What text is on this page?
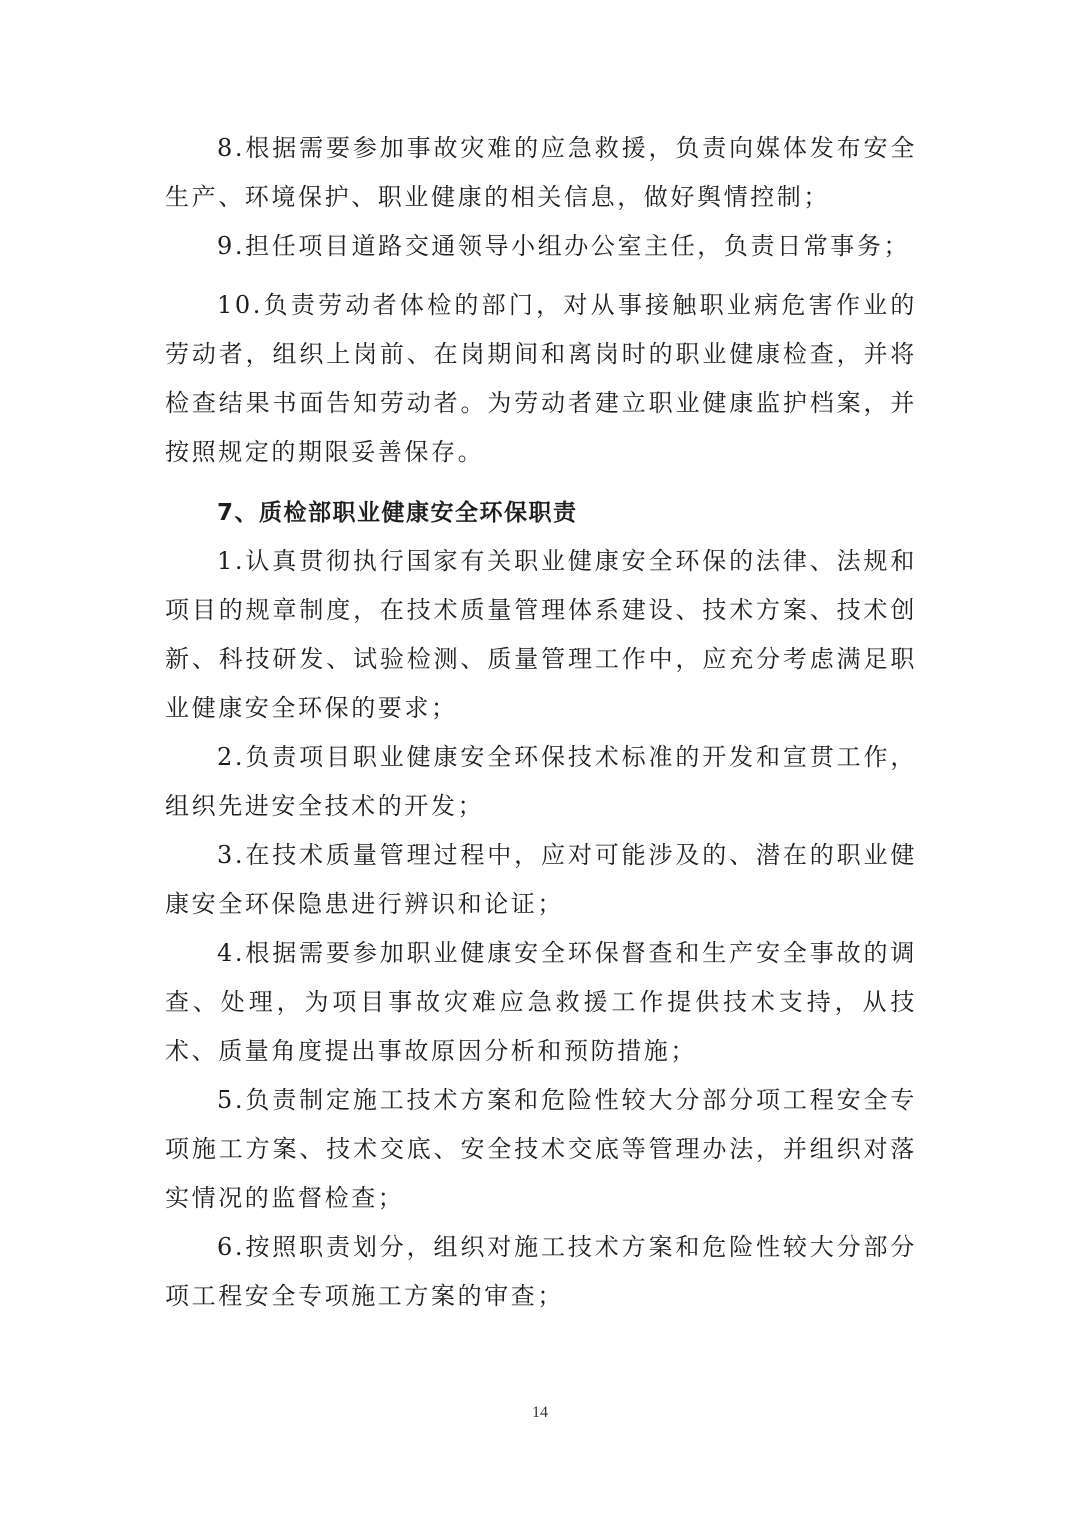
8.根据需要参加事故灾难的应急救援，负责向媒体发布安全生产、环境保护、职业健康的相关信息，做好舆情控制；

9.担任项目道路交通领导小组办公室主任，负责日常事务；

10.负责劳动者体检的部门，对从事接触职业病危害作业的劳动者，组织上岗前、在岗期间和离岗时的职业健康检查，并将检查结果书面告知劳动者。为劳动者建立职业健康监护档案，并按照规定的期限妥善保存。

7、质检部职业健康安全环保职责

1.认真贯彻执行国家有关职业健康安全环保的法律、法规和项目的规章制度，在技术质量管理体系建设、技术方案、技术创新、科技研发、试验检测、质量管理工作中，应充分考虑满足职业健康安全环保的要求；

2.负责项目职业健康安全环保技术标准的开发和宣贯工作，组织先进安全技术的开发；

3.在技术质量管理过程中，应对可能涉及的、潜在的职业健康安全环保隐患进行辨识和论证；

4.根据需要参加职业健康安全环保督查和生产安全事故的调查、处理，为项目事故灾难应急救援工作提供技术支持，从技术、质量角度提出事故原因分析和预防措施；

5.负责制定施工技术方案和危险性较大分部分项工程安全专项施工方案、技术交底、安全技术交底等管理办法，并组织对落实情况的监督检查；

6.按照职责划分，组织对施工技术方案和危险性较大分部分项工程安全专项施工方案的审查；

14
